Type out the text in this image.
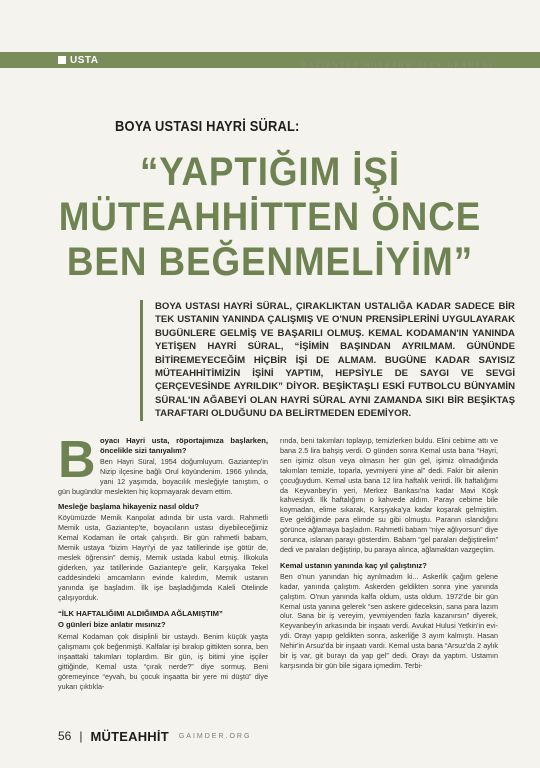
USTA	GAZİANTEP MÜTEAHHİTLER DERNEĞİ
BOYA USTASI HAYRİ SÜRAL:
“YAPTIĞIM İŞİ
MÜTEAHHİTTEN ÖNCE
BEN BEĞENMELİYİM”
BOYA USTASI HAYRİ SÜRAL, ÇIRAKLIKTAN USTALIĞA KADAR SADECE BİR TEK USTANIN YANINDA ÇALIŞMIŞ VE O'NUN PRENSİPLERİNİ UYGULAYARAK BUGÜNLERE GELMİŞ VE BAŞARILI OLMUŞ. KEMAL KODAMAN'IN YANINDA YETİŞEN HAYRİ SÜRAL, “İŞİMİN BAŞINDAN AYRILMAM. GÜNÜNDE BİTİREMEYECEĞİM HİÇBİR İŞİ DE ALMAM. BUGÜNE KADAR SAYISIZ MÜTEAHHİTİMİZİN İŞİNİ YAPTIM, HEPSİYLE DE SAYGI VE SEVGİ ÇERÇEVESİNDE AYRILDIK” DİYOR. BEŞİKTAŞLI ESKİ FUTBOLCU BÜNYAMİN SÜRAL'IN AĞABEYİ OLAN HAYRİ SÜRAL AYNI ZAMANDA SIKI BİR BEŞİKTAŞ TARAFTARI OLDUĞUNU DA BELİRTMEDEN EDEMİYOR.
B oyacı Hayri usta, röportajımıza başlarken, öncelikle sizi tanıyalım?

Ben Hayri Süral, 1954 doğumluyum. Gaziantep'in Nizip ilçesine bağlı Orul köyündenim. 1966 yılında, yani 12 yaşımda, boyacılık mesleğiyle tanıştım, o gün bugündür meslekten hiç kopmayarak devam ettim.

Mesleğe başlama hikayeniz nasıl oldu?

Köyümüzde Memik Kanpolat adında bir usta vardı. Rahmetli Memik usta, Gaziantep'te, boyacıların ustası diyebileceğimiz Kemal Kodaman ile ortak çalışırdı. Bir gün rahmetli babam, Memik ustaya “bizim Hayri'yi de yaz tatillerinde işe götür de, meslek öğrensin” demiş, Memik ustada kabul etmiş. İlkokula giderken, yaz tatillerinde Gaziantep'e gelir, Karşıyaka Tekel caddesindeki amcamların evinde kalırdım, Memik ustanın yanında işe başladım. İlk işe başladığımda Kaleli Otelinde çalışıyorduk.

“İLK HAFTALIĞIMI ALDIĞIMDA AĞLAMIŞTIM”
O günleri bize anlatır mısınız?

Kemal Kodaman çok disiplinli bir ustaydı. Benim küçük yaşta çalışmamı çok beğenmişti. Kalfalar işi bırakıp gittikten sonra, ben inşaattaki takımları toplardım. Bir gün, iş bitimi yine işçiler gittiğinde, Kemal usta “çırak nerde?” diye sormuş. Beni göremeyince “eyvah, bu çocuk inşaatta bir yere mi düştü” diye yukarı çıktıkla-

rında, beni takımları toplayıp, temizlerken buldu. Elini cebime attı ve bana 2.5 lira bahşiş verdi. O günden sonra Kemal usta bana “Hayri, sen işimiz olsun veya olmasın her gün gel, işimiz olmadığında takımları temizle, toparla, yevmiyeni yine al” dedi. Fakir bir ailenin çocuğuydum. Kemal usta bana 12 lira haftalık verirdi. İlk haftalığımı da Keyvanbey'in yeri, Merkez Bankası'na kadar Mavi Köşk kahvesiydi. İlk haftalığımı o kahvede aldım. Parayı cebime bile koymadan, elime sıkarak, Karşıyaka'ya kadar koşarak gelmiştim. Eve geldiğimde para elimde su gibi olmuştu. Paranın ıslandığını görünce ağlamaya başladım. Rahmetli babam “niye ağlıyorsun” diye sorunca, ıslanan parayı gösterdim. Babam “gel paraları değiştirelim” dedi ve paraları değiştirip, bu paraya alınca, ağlamaktan vazgeçtim.

Kemal ustanın yanında kaç yıl çalıştınız?

Ben o'nun yanından hiç ayrılmadım ki... Askerlik çağım gelene kadar, yanında çalıştım. Askerden geldikten sonra yine yanında çalıştım. O'nun yanında kalfa oldum, usta oldum. 1972'de bir gün Kemal usta yanına gelerek “sen askere gideceksin, sana para lazım olur. Sana bir iş vereyim, yevmiyenden fazla kazanırsın” diyerek, Keyvanbey'in arkasında bir inşaatı verdi. Avukat Hulusi Yetkin'in eviydi. Orayı yapıp geldikten sonra, askerliğe 3 ayım kalmıştı. Hasan Nehir'in Arsuz'da bir inşaatı vardı. Kemal usta bana “Arsuz'da 2 aylık bir iş var, git burayı da yap gel” dedi. Orayı da yaptım. Ustamın karşısında bir gün bile sigara içmedim. Terbi-

56 | MÜTEAHHİT GAIMDER.ORG
